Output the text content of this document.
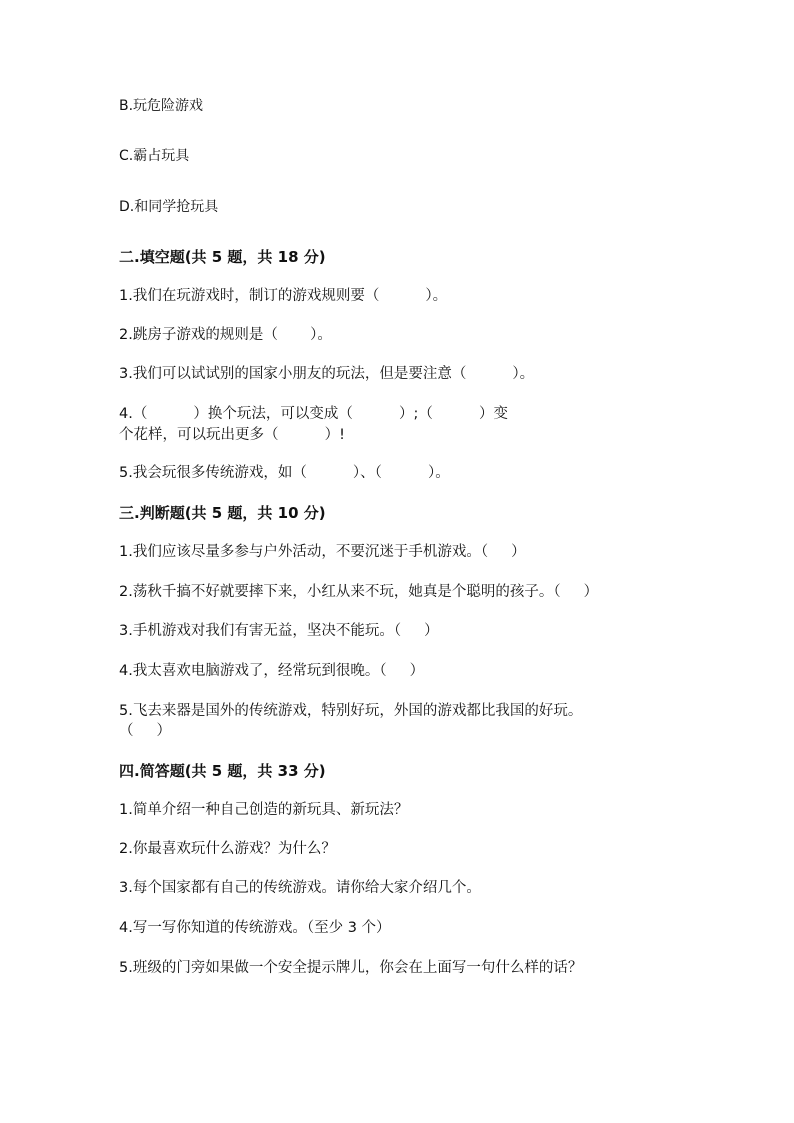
B.玩危险游戏
C.霸占玩具
D.和同学抢玩具
二.填空题(共 5 题，共 18 分)
1.我们在玩游戏时，制订的游戏规则要（          ）。
2.跳房子游戏的规则是（       ）。
3.我们可以试试别的国家小朋友的玩法，但是要注意（          ）。
4.（          ）换个玩法，可以变成（          ）;（          ）变
个花样，可以玩出更多（          ）!
5.我会玩很多传统游戏，如（          ）、（          ）。
三.判断题(共 5 题，共 10 分)
1.我们应该尽量多参与户外活动，不要沉迷于手机游戏。（     ）
2.荡秋千搞不好就要摔下来，小红从来不玩，她真是个聪明的孩子。（     ）
3.手机游戏对我们有害无益，坚决不能玩。（     ）
4.我太喜欢电脑游戏了，经常玩到很晚。（     ）
5.飞去来器是国外的传统游戏，特别好玩，外国的游戏都比我国的好玩。
（     ）
四.简答题(共 5 题，共 33 分)
1.简单介绍一种自己创造的新玩具、新玩法？
2.你最喜欢玩什么游戏？为什么？
3.每个国家都有自己的传统游戏。请你给大家介绍几个。
4.写一写你知道的传统游戏。（至少 3 个）
5.班级的门旁如果做一个安全提示牌儿，你会在上面写一句什么样的话？
